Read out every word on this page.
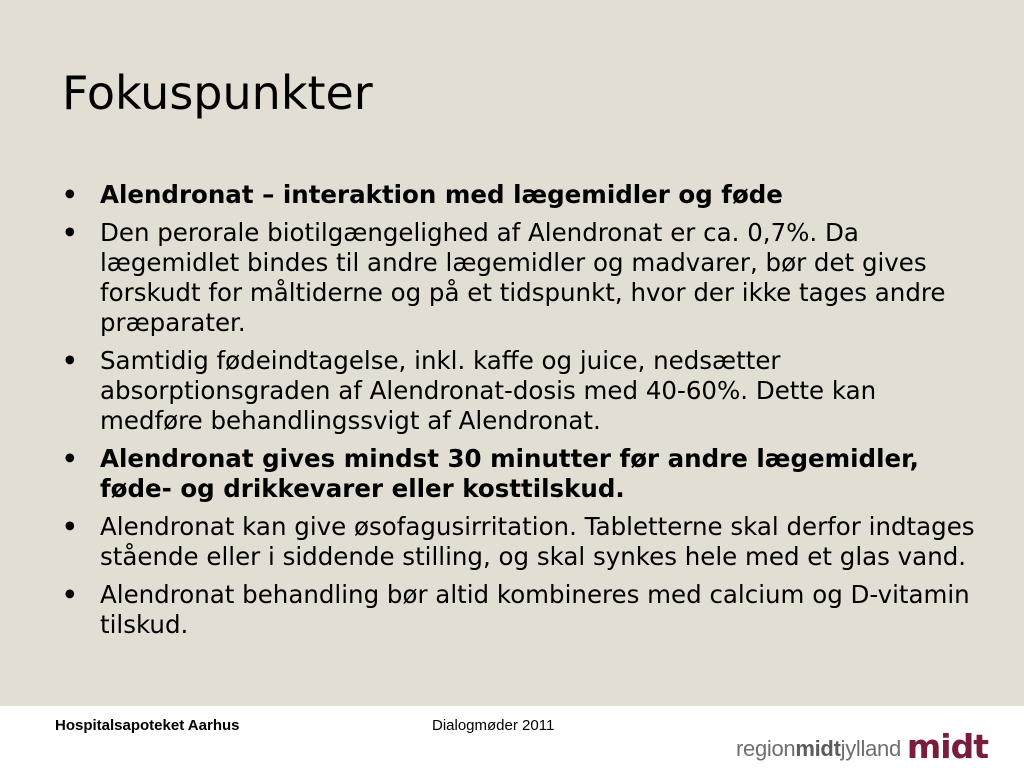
Fokuspunkter
• Alendronat – interaktion med lægemidler og føde
• Den perorale biotilgængelighed af Alendronat er ca. 0,7%. Da lægemidlet bindes til andre lægemidler og madvarer, bør det gives forskudt for måltiderne og på et tidspunkt, hvor der ikke tages andre præparater.
• Samtidig fødeindtagelse, inkl. kaffe og juice, nedsætter absorptionsgraden af Alendronat-dosis med 40-60%. Dette kan medføre behandlingssvigt af Alendronat.
• Alendronat gives mindst 30 minutter før andre lægemidler, føde- og drikkevarer eller kosttilskud.
• Alendronat kan give øsofagusirritation. Tabletterne skal derfor indtages stående eller i siddende stilling, og skal synkes hele med et glas vand.
• Alendronat behandling bør altid kombineres med calcium og D-vitamin tilskud.
Hospitalsapoteket Aarhus	Dialogmøder 2011
regionmidtjylland midt
